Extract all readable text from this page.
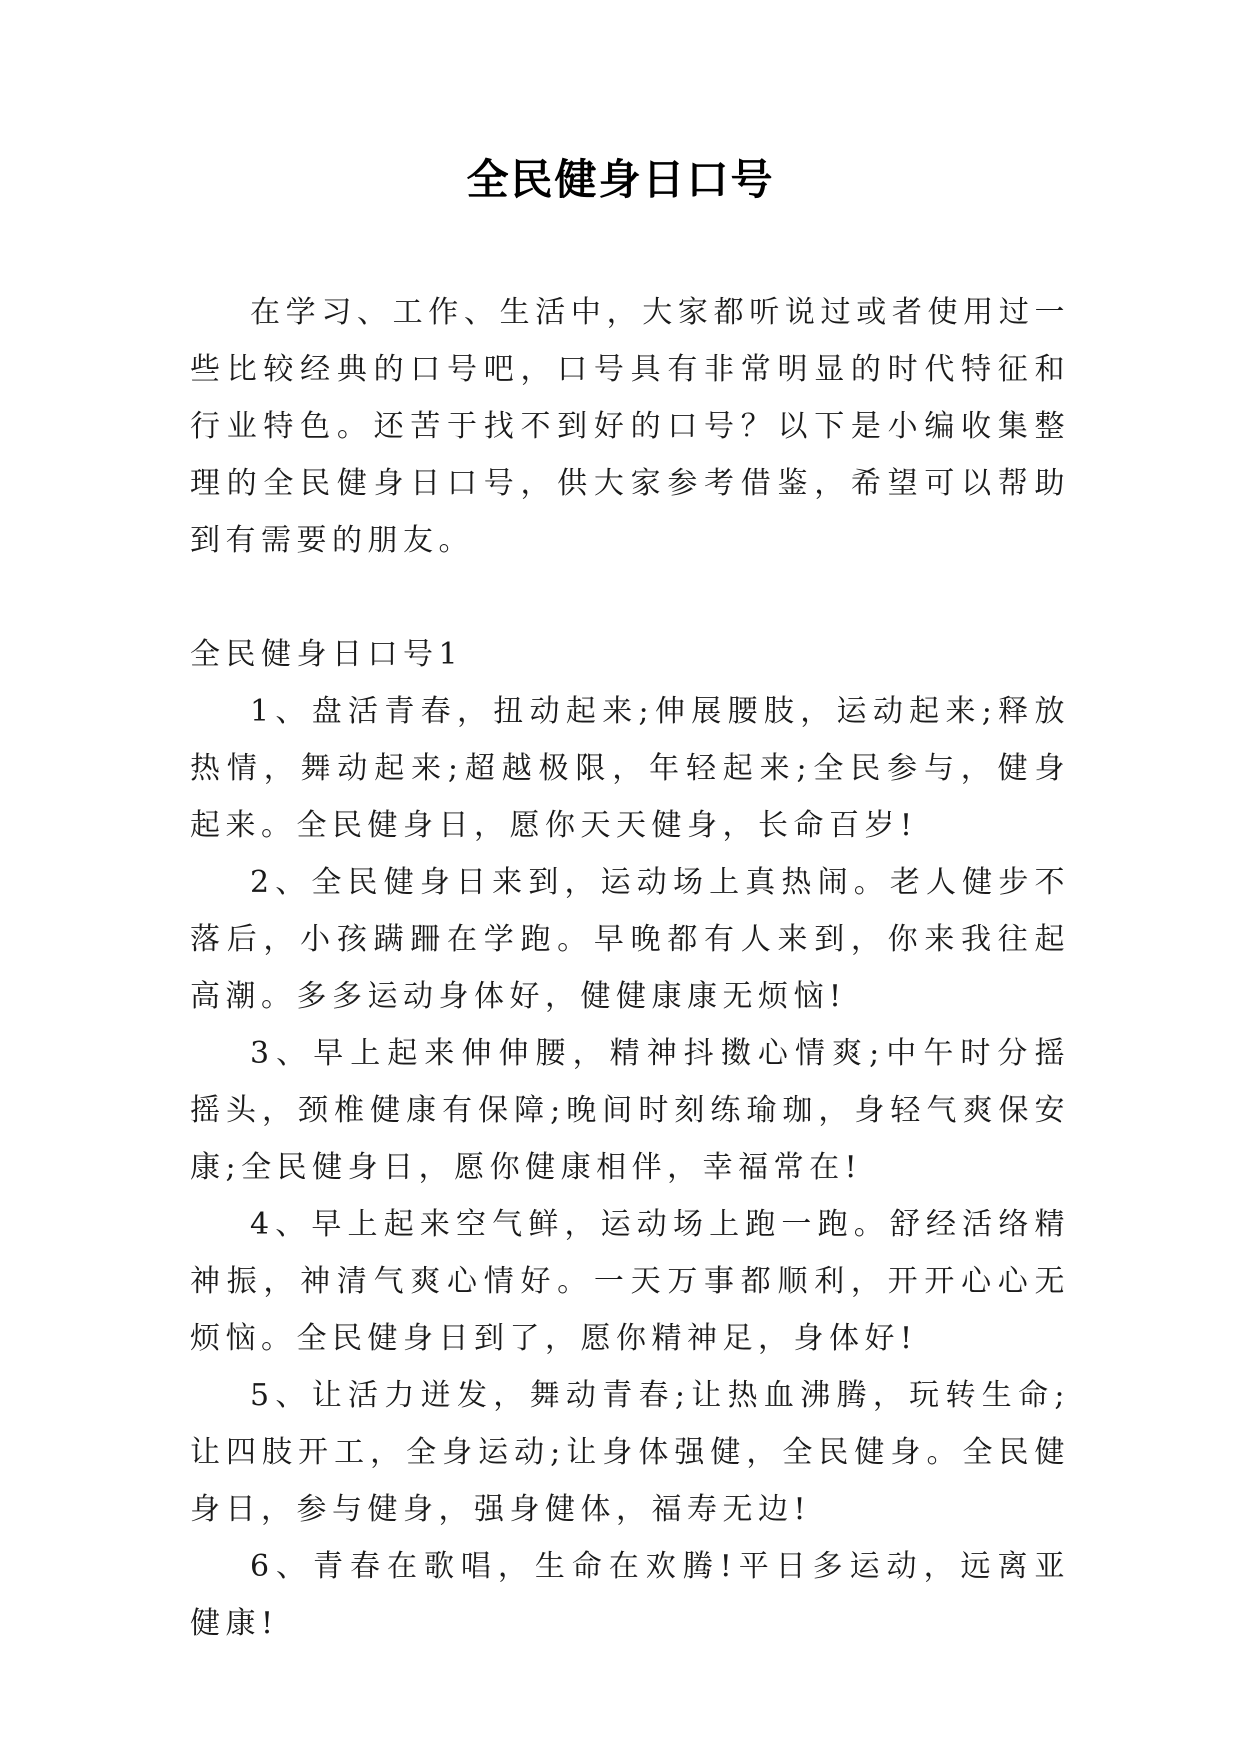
全民健身日口号

在学习、工作、生活中，大家都听说过或者使用过一些比较经典的口号吧，口号具有非常明显的时代特征和行业特色。还苦于找不到好的口号？以下是小编收集整理的全民健身日口号，供大家参考借鉴，希望可以帮助到有需要的朋友。

全民健身日口号1

1、盘活青春，扭动起来;伸展腰肢，运动起来;释放热情，舞动起来;超越极限，年轻起来;全民参与，健身起来。全民健身日，愿你天天健身，长命百岁!

2、全民健身日来到，运动场上真热闹。老人健步不落后，小孩蹒跚在学跑。早晚都有人来到，你来我往起高潮。多多运动身体好，健健康康无烦恼!

3、早上起来伸伸腰，精神抖擞心情爽;中午时分摇摇头，颈椎健康有保障;晚间时刻练瑜珈，身轻气爽保安康;全民健身日，愿你健康相伴，幸福常在!

4、早上起来空气鲜，运动场上跑一跑。舒经活络精神振，神清气爽心情好。一天万事都顺利，开开心心无烦恼。全民健身日到了，愿你精神足，身体好!

5、让活力迸发，舞动青春;让热血沸腾，玩转生命;让四肢开工，全身运动;让身体强健，全民健身。全民健身日，参与健身，强身健体，福寿无边!

6、青春在歌唱，生命在欢腾!平日多运动，远离亚健康!
